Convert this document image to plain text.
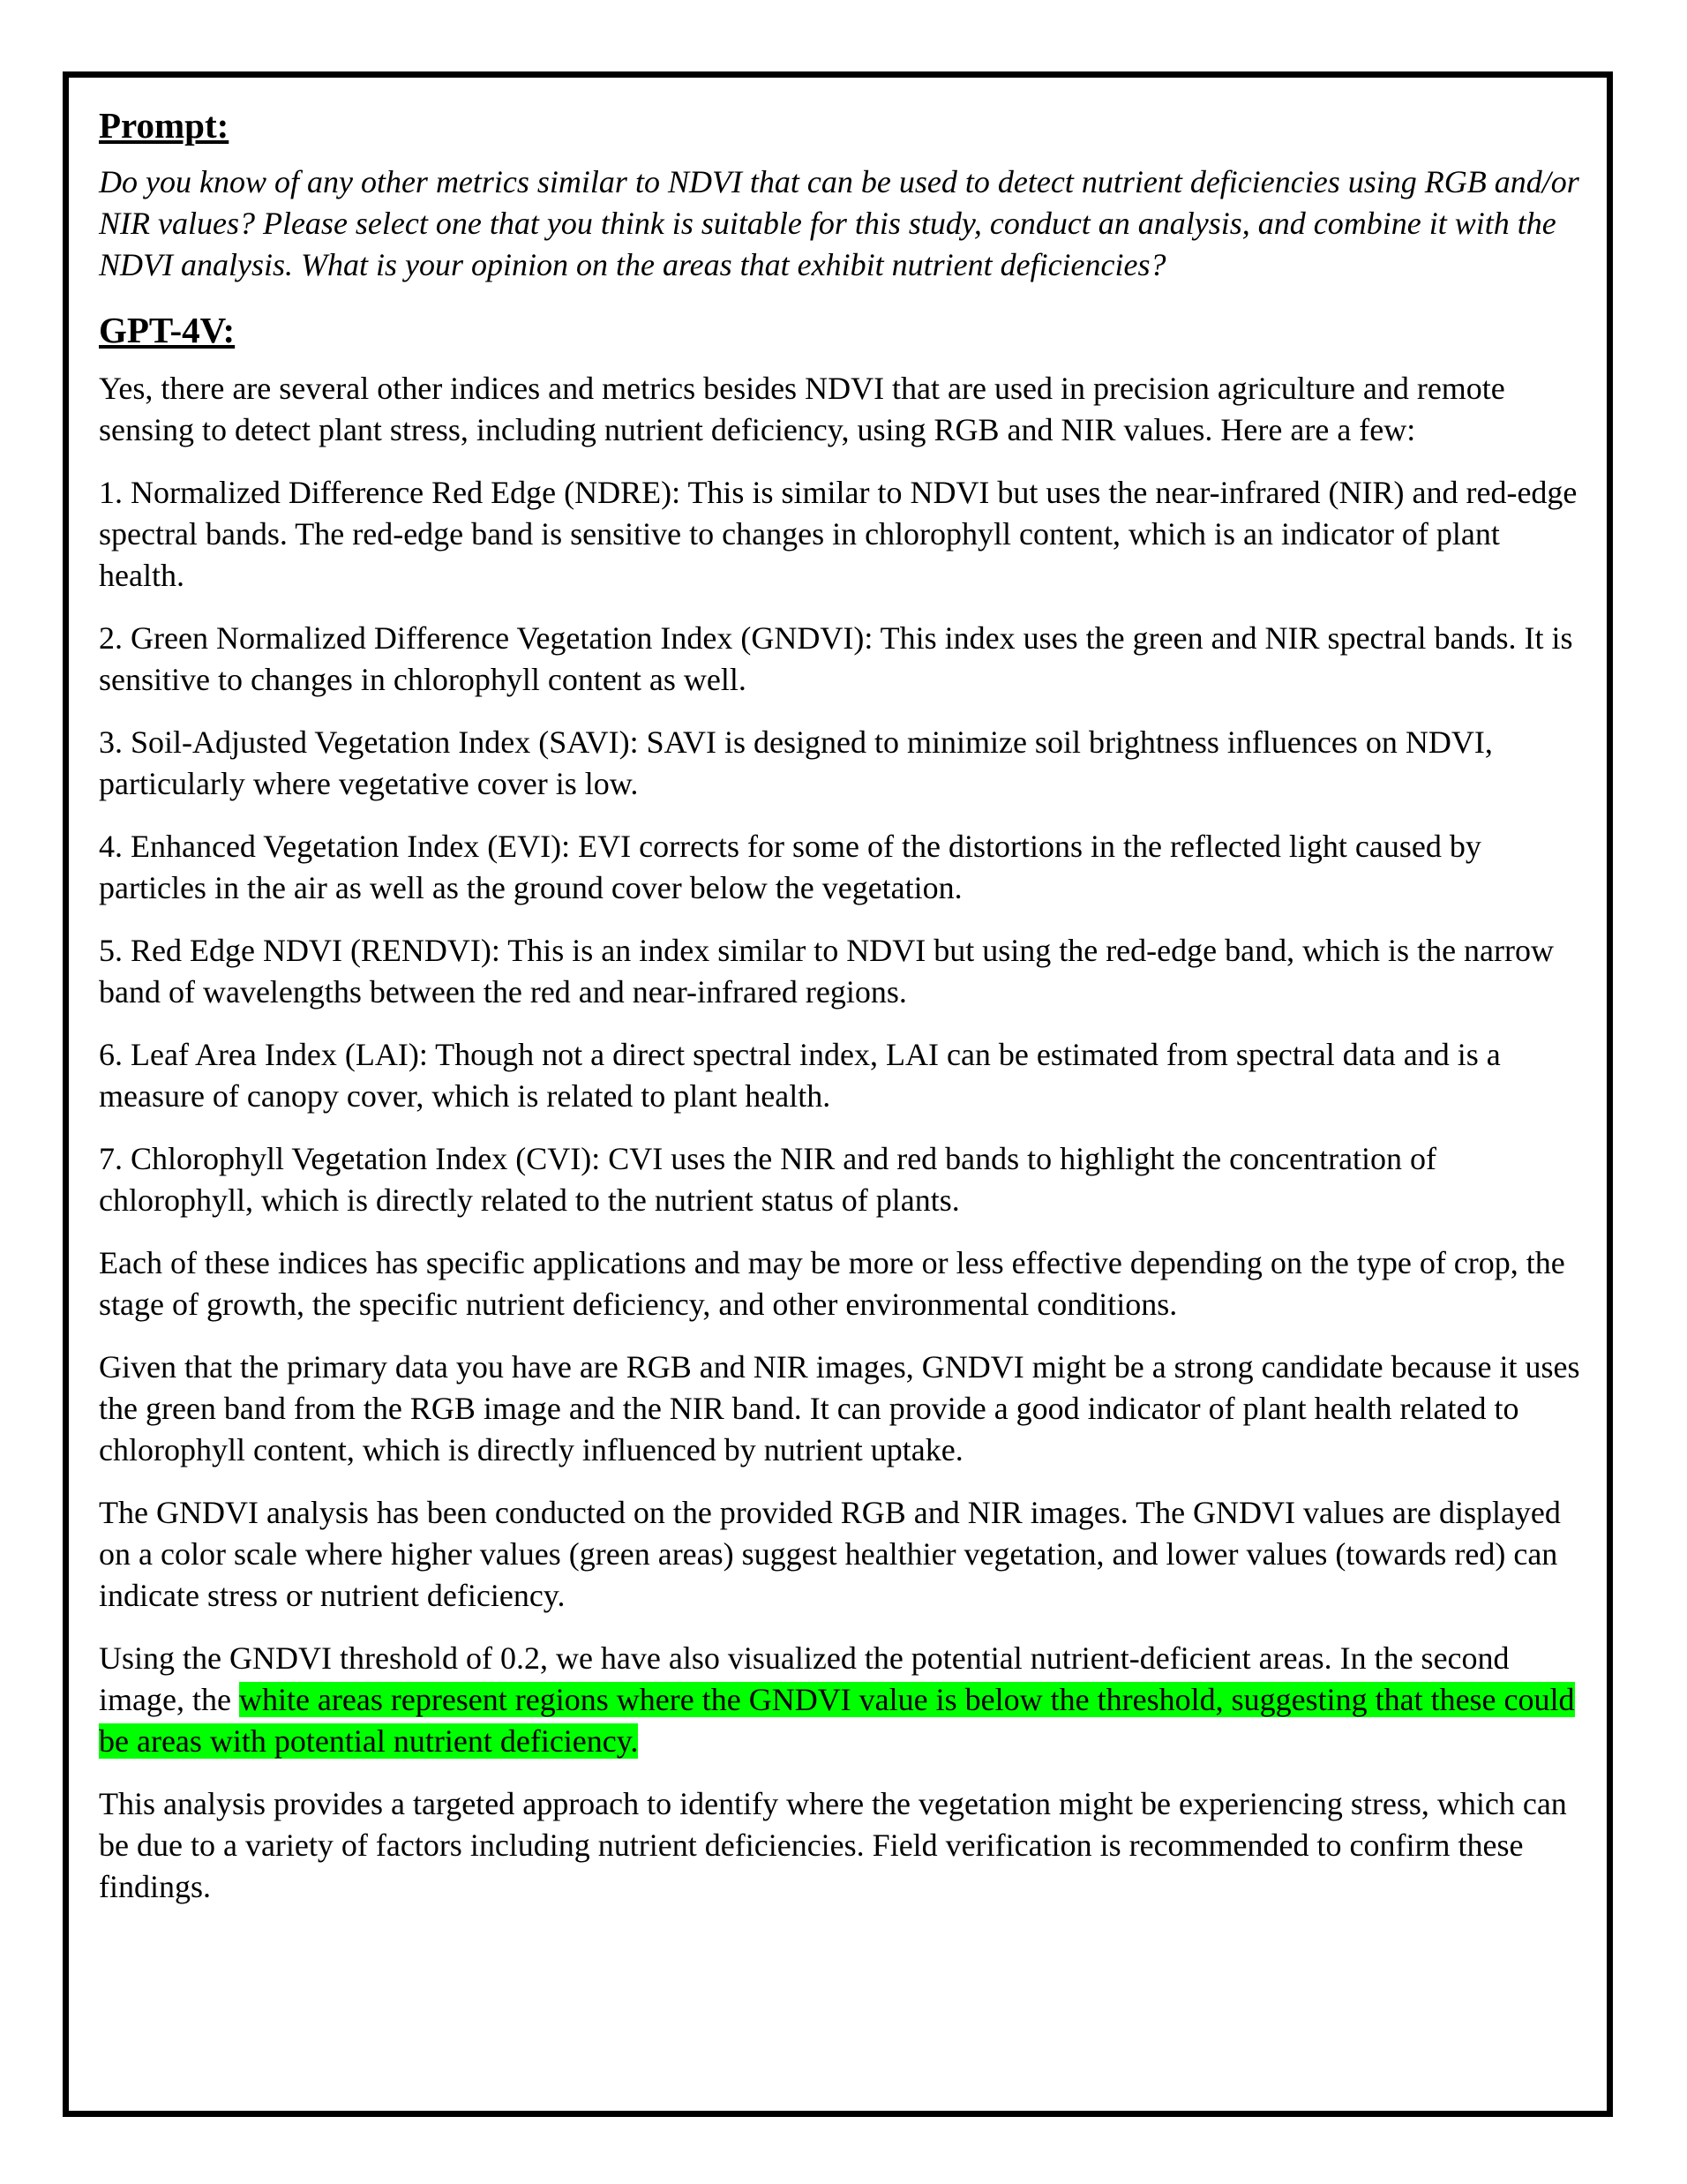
Prompt:

Do you know of any other metrics similar to NDVI that can be used to detect nutrient deficiencies using RGB and/or NIR values? Please select one that you think is suitable for this study, conduct an analysis, and combine it with the NDVI analysis. What is your opinion on the areas that exhibit nutrient deficiencies?

GPT-4V:

Yes, there are several other indices and metrics besides NDVI that are used in precision agriculture and remote sensing to detect plant stress, including nutrient deficiency, using RGB and NIR values. Here are a few:

1. Normalized Difference Red Edge (NDRE): This is similar to NDVI but uses the near-infrared (NIR) and red-edge spectral bands. The red-edge band is sensitive to changes in chlorophyll content, which is an indicator of plant health.

2. Green Normalized Difference Vegetation Index (GNDVI): This index uses the green and NIR spectral bands. It is sensitive to changes in chlorophyll content as well.

3. Soil-Adjusted Vegetation Index (SAVI): SAVI is designed to minimize soil brightness influences on NDVI, particularly where vegetative cover is low.

4. Enhanced Vegetation Index (EVI): EVI corrects for some of the distortions in the reflected light caused by particles in the air as well as the ground cover below the vegetation.

5. Red Edge NDVI (RENDVI): This is an index similar to NDVI but using the red-edge band, which is the narrow band of wavelengths between the red and near-infrared regions.

6. Leaf Area Index (LAI): Though not a direct spectral index, LAI can be estimated from spectral data and is a measure of canopy cover, which is related to plant health.

7. Chlorophyll Vegetation Index (CVI): CVI uses the NIR and red bands to highlight the concentration of chlorophyll, which is directly related to the nutrient status of plants.

Each of these indices has specific applications and may be more or less effective depending on the type of crop, the stage of growth, the specific nutrient deficiency, and other environmental conditions.

Given that the primary data you have are RGB and NIR images, GNDVI might be a strong candidate because it uses the green band from the RGB image and the NIR band. It can provide a good indicator of plant health related to chlorophyll content, which is directly influenced by nutrient uptake.

The GNDVI analysis has been conducted on the provided RGB and NIR images. The GNDVI values are displayed on a color scale where higher values (green areas) suggest healthier vegetation, and lower values (towards red) can indicate stress or nutrient deficiency.

Using the GNDVI threshold of 0.2, we have also visualized the potential nutrient-deficient areas. In the second image, the white areas represent regions where the GNDVI value is below the threshold, suggesting that these could be areas with potential nutrient deficiency.

This analysis provides a targeted approach to identify where the vegetation might be experiencing stress, which can be due to a variety of factors including nutrient deficiencies. Field verification is recommended to confirm these findings.
